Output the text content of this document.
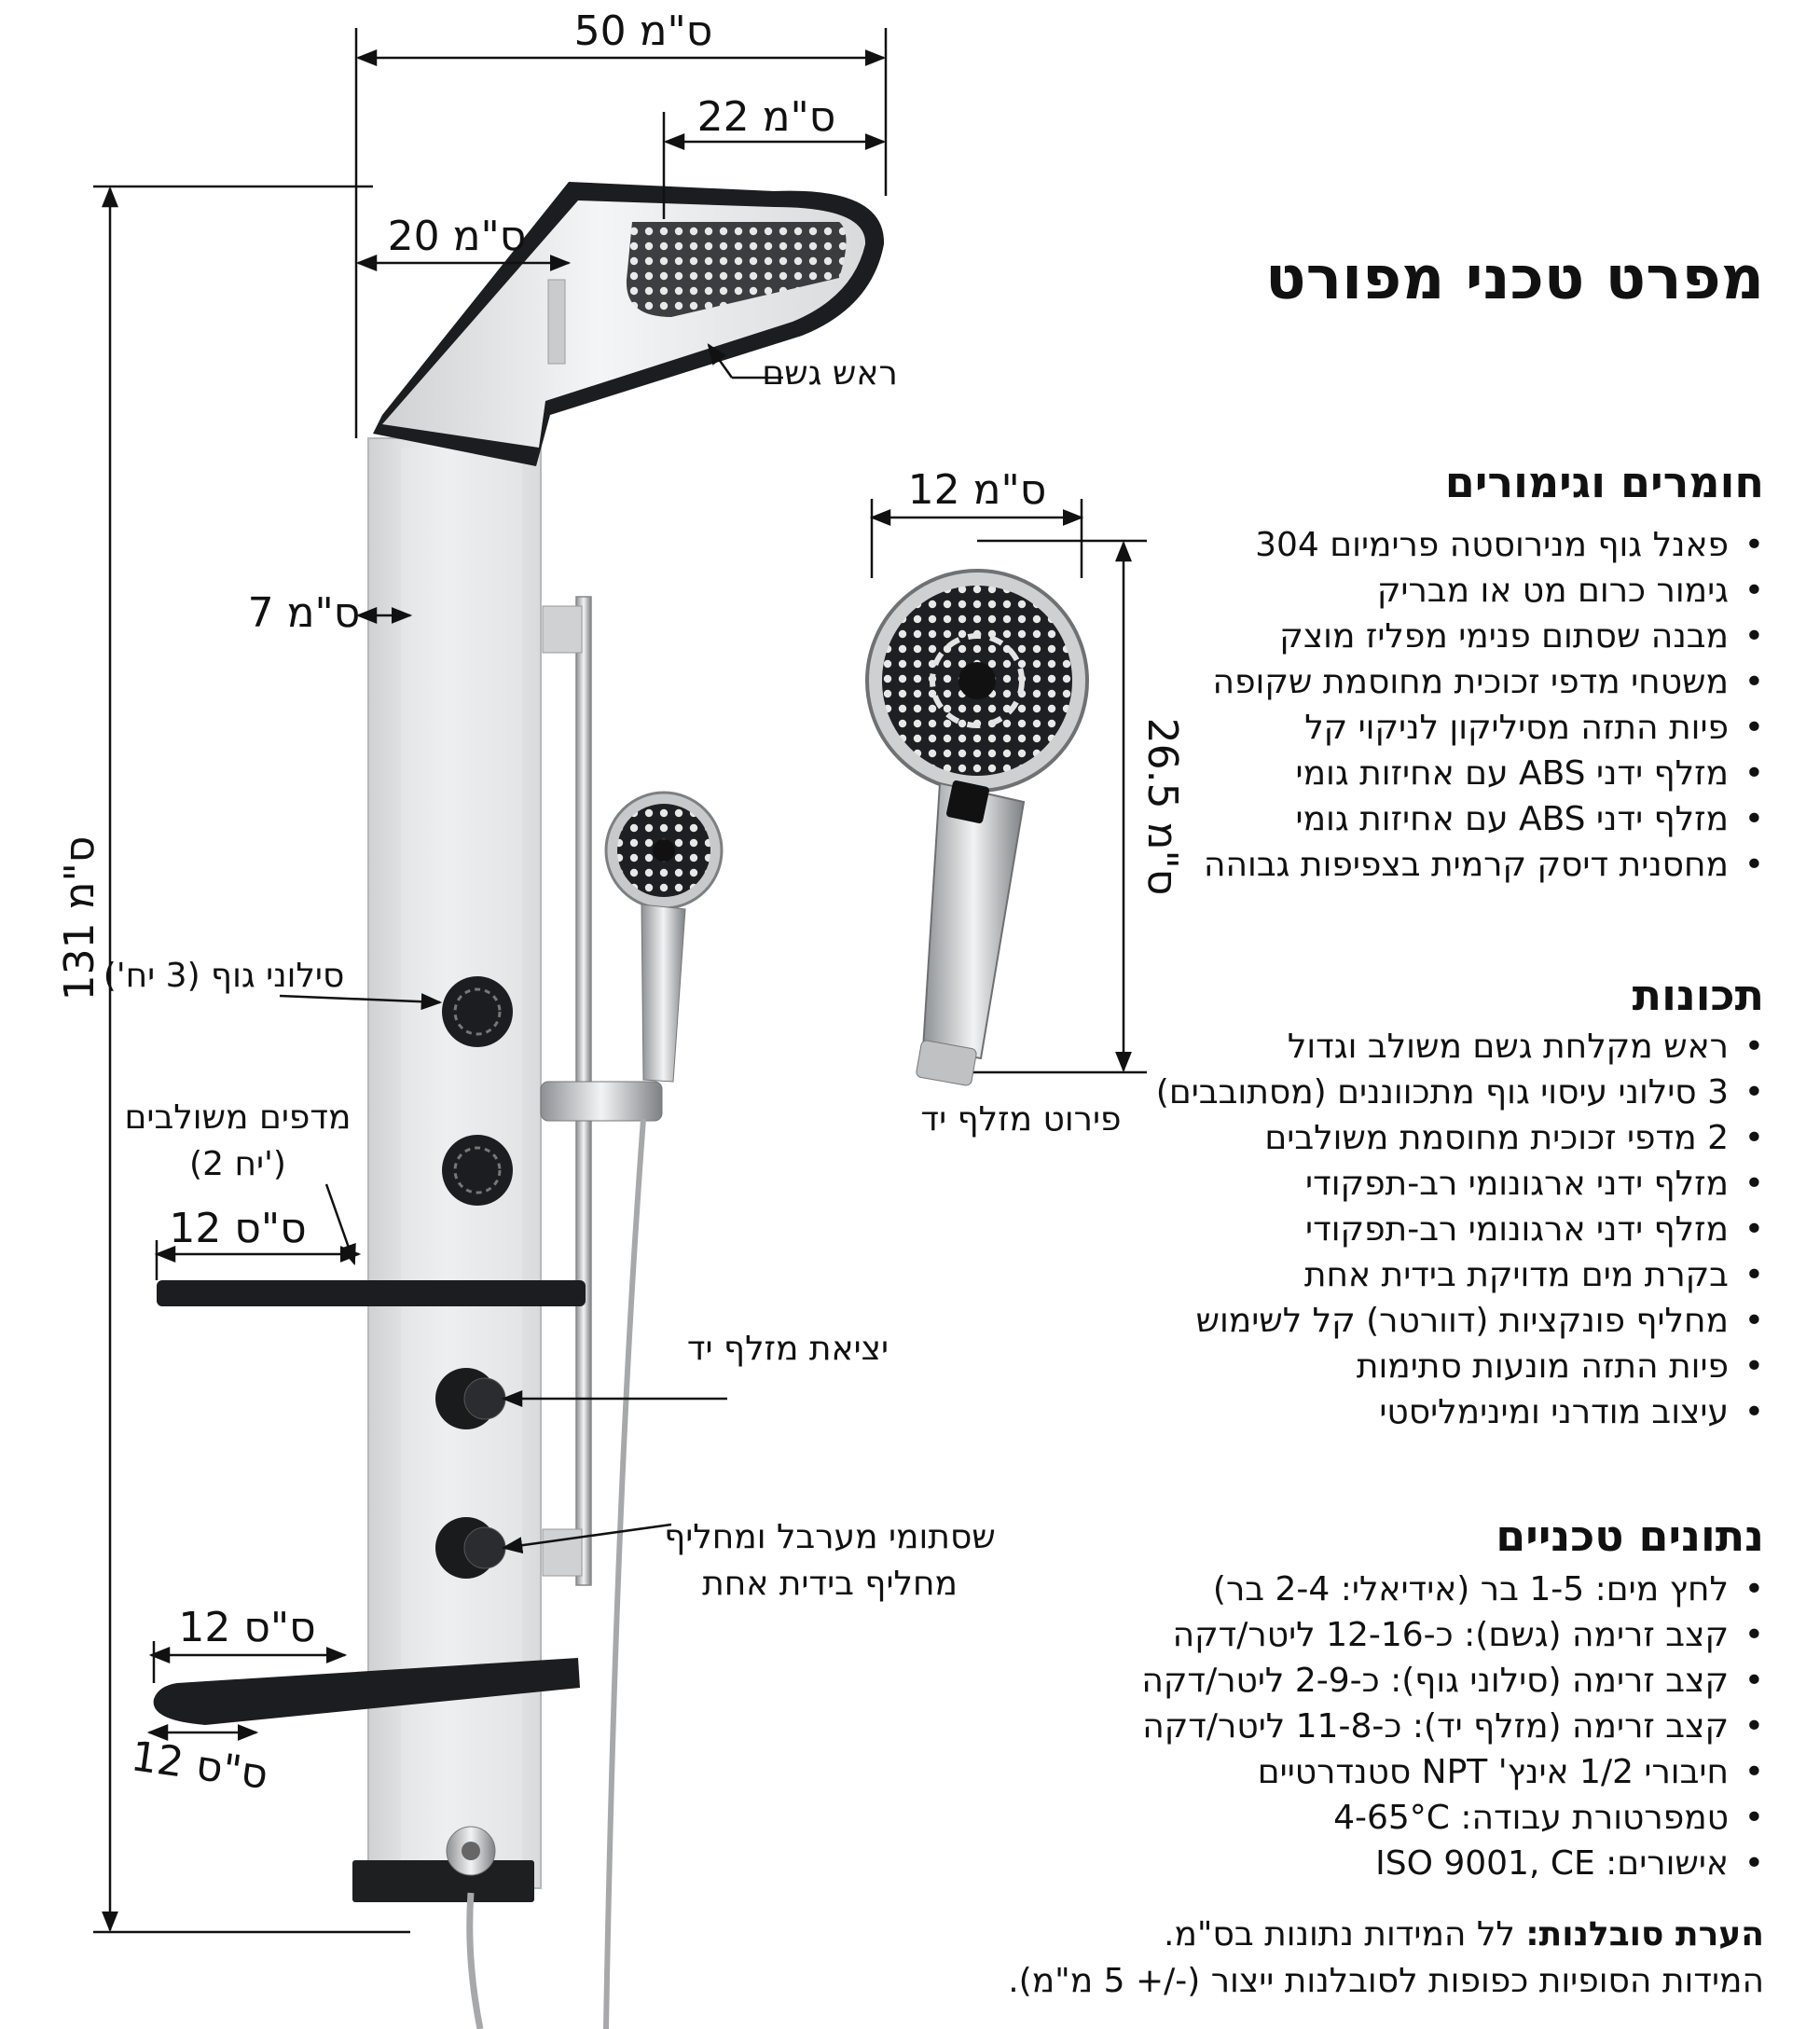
50 ס"מ
22 ס"מ
20 ס"מ
7 ס"מ
131 ס"מ
12 ס"ס
12 ס"ס
12 ס"ס
12 ס"מ
26.5 ס"מ
ראש גשם
סילוני גוף (3 יח')
מדפים משולבים
(2 יח')
יציאת מזלף יד
שסתומי מערבל ומחליף
מחליף בידית אחת
פירוט מזלף יד
מפרט טכני מפורט
חומרים וגימורים
• פאנל גוף מנירוסטה פרימיום 304
• גימור כרום מט או מבריק
• מבנה שסתום פנימי מפליז מוצק
• משטחי מדפי זכוכית מחוסמת שקופה
• פיות התזה מסיליקון לניקוי קל
• מזלף ידני ABS עם אחיזות גומי
• מזלף ידני ABS עם אחיזות גומי
• מחסנית דיסק קרמית בצפיפות גבוהה
תכונות
• ראש מקלחת גשם משולב וגדול
• 3 סילוני עיסוי גוף מתכווננים (מסתובבים)
• 2 מדפי זכוכית מחוסמת משולבים
• מזלף ידני ארגונומי רב-תפקודי
• מזלף ידני ארגונומי רב-תפקודי
• בקרת מים מדויקת בידית אחת
• מחליף פונקציות (דוורטר) קל לשימוש
• פיות התזה מונעות סתימות
• עיצוב מודרני ומינימליסטי
נתונים טכניים
• לחץ מים: 1-5 בר (אידיאלי: 2-4 בר)
• קצב זרימה (גשם): כ-12-16 ליטר/דקה
• קצב זרימה (סילוני גוף): כ-2-9 ליטר/דקה
• קצב זרימה (מזלף יד): כ-11-8 ליטר/דקה
• חיבורי 1/2 אינץ' NPT סטנדרטיים
• טמפרטורת עבודה: 4-65°C
• אישורים: ISO 9001, CE
הערת סובלנות: לל המידות נתונות בס"מ.
המידות הסופיות כפופות לסובלנות ייצור (-/+ 5 מ"מ).
